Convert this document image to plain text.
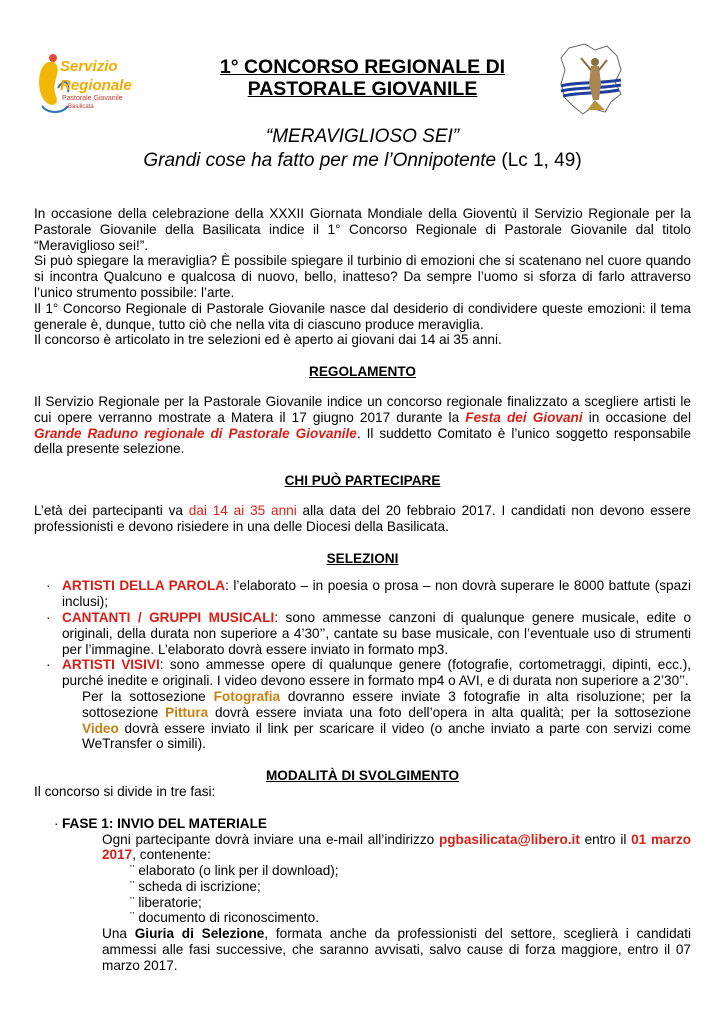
Servizio
Regionale
Pastorale Giovanile
Basilicata
1° CONCORSO REGIONALE DI
PASTORALE GIOVANILE
“MERAVIGLIOSO SEI”
Grandi cose ha fatto per me l’Onnipotente (Lc 1, 49)

In occasione della celebrazione della XXXII Giornata Mondiale della Gioventù il Servizio Regionale per la Pastorale Giovanile della Basilicata indice il 1° Concorso Regionale di Pastorale Giovanile dal titolo “Meraviglioso sei!”.

Si può spiegare la meraviglia? È possibile spiegare il turbinio di emozioni che si scatenano nel cuore quando si incontra Qualcuno e qualcosa di nuovo, bello, inatteso? Da sempre l’uomo si sforza di farlo attraverso l’unico strumento possibile: l’arte.

Il 1° Concorso Regionale di Pastorale Giovanile nasce dal desiderio di condividere queste emozioni: il tema generale è, dunque, tutto ciò che nella vita di ciascuno produce meraviglia.

Il concorso è articolato in tre selezioni ed è aperto ai giovani dai 14 ai 35 anni.

REGOLAMENTO

Il Servizio Regionale per la Pastorale Giovanile indice un concorso regionale finalizzato a scegliere artisti le cui opere verranno mostrate a Matera il 17 giugno 2017 durante la Festa dei Giovani in occasione del Grande Raduno regionale di Pastorale Giovanile. Il suddetto Comitato è l’unico soggetto responsabile della presente selezione.

CHI PUÒ PARTECIPARE

L’età dei partecipanti va dai 14 ai 35 anni alla data del 20 febbraio 2017. I candidati non devono essere professionisti e devono risiedere in una delle Diocesi della Basilicata.

SELEZIONI
· ARTISTI DELLA PAROLA: l’elaborato – in poesia o prosa – non dovrà superare le 8000 battute (spazi inclusi);
· CANTANTI / GRUPPI MUSICALI: sono ammesse canzoni di qualunque genere musicale, edite o originali, della durata non superiore a 4’30’’, cantate su base musicale, con l’eventuale uso di strumenti per l’immagine. L’elaborato dovrà essere inviato in formato mp3.
· ARTISTI VISIVI: sono ammesse opere di qualunque genere (fotografie, cortometraggi, dipinti, ecc.), purché inedite e originali. I video devono essere in formato mp4 o AVI, e di durata non superiore a 2’30’’.

Per la sottosezione Fotografia dovranno essere inviate 3 fotografie in alta risoluzione; per la sottosezione Pittura dovrà essere inviata una foto dell’opera in alta qualità; per la sottosezione Video dovrà essere inviato il link per scaricare il video (o anche inviato a parte con servizi come WeTransfer o simili).

MODALITÀ DI SVOLGIMENTO

Il concorso si divide in tre fasi:

· FASE 1: INVIO DEL MATERIALE

Ogni partecipante dovrà inviare una e-mail all’indirizzo pgbasilicata@libero.it entro il 01 marzo 2017, contenente:

¨ elaborato (o link per il download);
¨ scheda di iscrizione;
¨ liberatorie;
¨ documento di riconoscimento.

Una Giuria di Selezione, formata anche da professionisti del settore, sceglierà i candidati ammessi alle fasi successive, che saranno avvisati, salvo cause di forza maggiore, entro il 07 marzo 2017.
